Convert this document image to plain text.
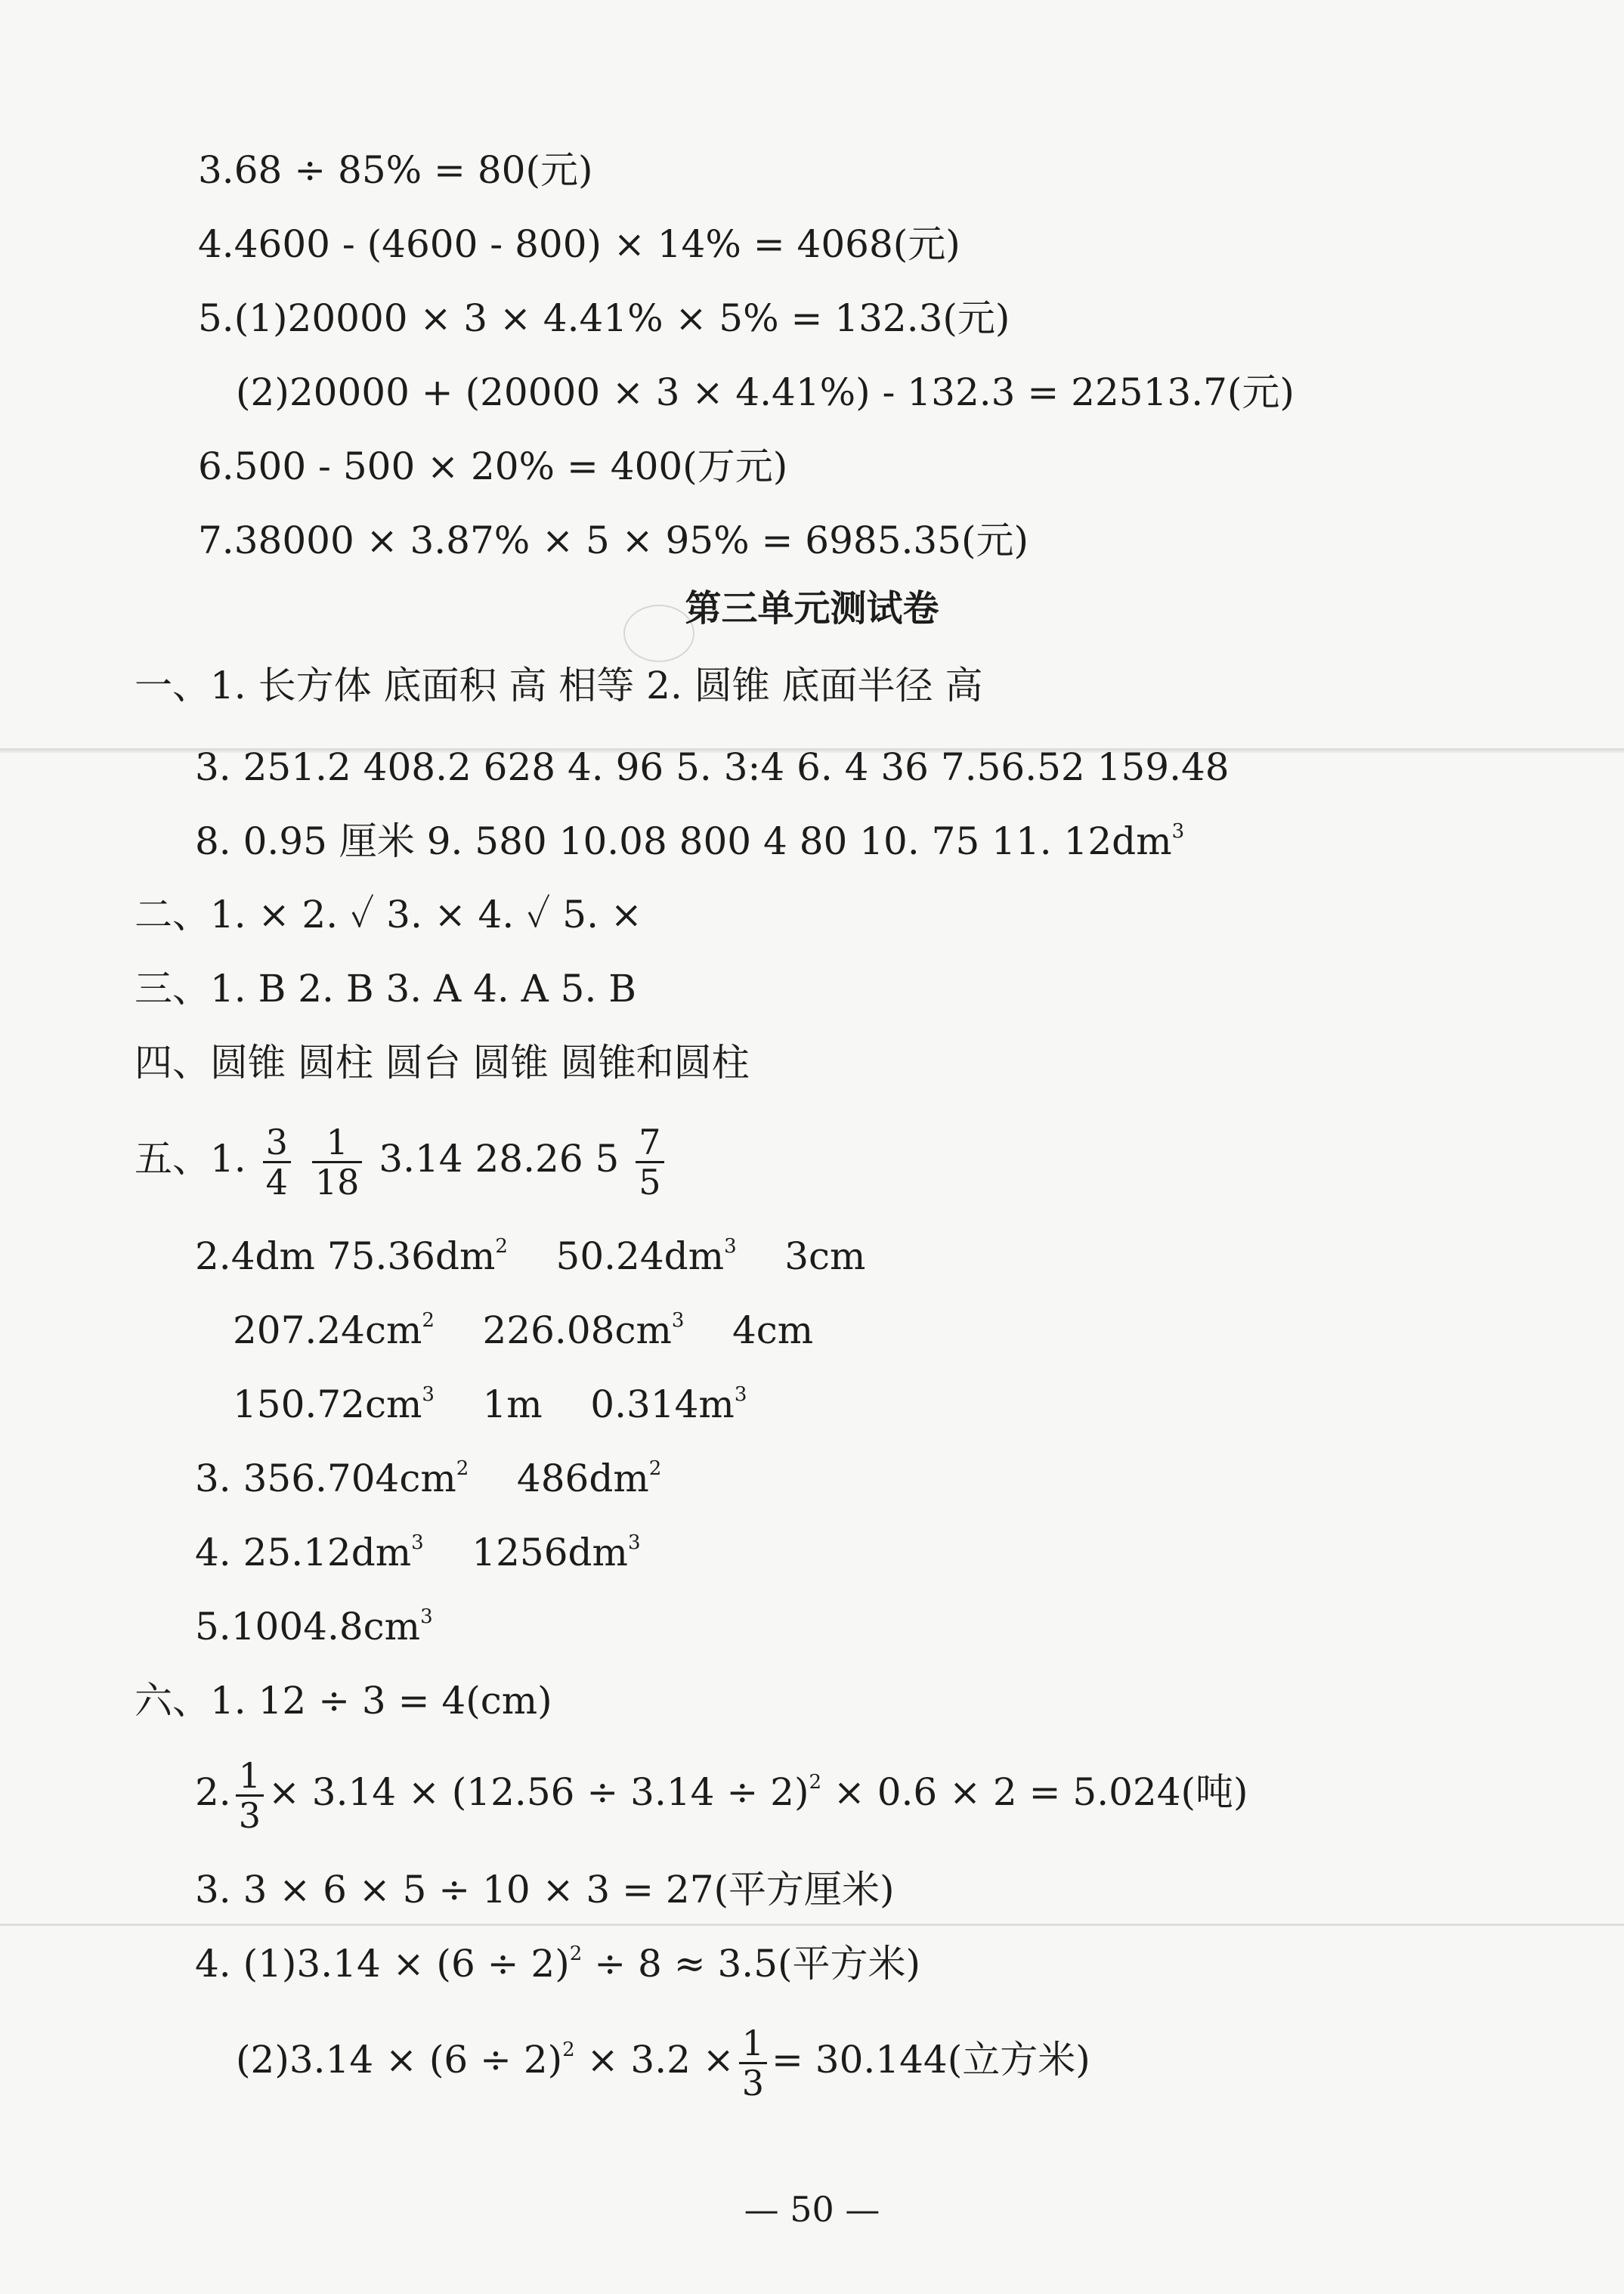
3.68 ÷ 85% = 80(元)
4.4600 - (4600 - 800) × 14% = 4068(元)
5.(1)20000 × 3 × 4.41% × 5% = 132.3(元)
(2)20000 + (20000 × 3 × 4.41%) - 132.3 = 22513.7(元)
6.500 - 500 × 20% = 400(万元)
7.38000 × 3.87% × 5 × 95% = 6985.35(元)
第三单元测试卷
一、1. 长方体 底面积 高 相等 2. 圆锥 底面半径 高
3. 251.2 408.2 628 4. 96 5. 3:4 6. 4 36 7.56.52 159.48
8. 0.95 厘米 9. 580 10.08 800 4 80 10. 75 11. $12dm^3$
二、1. × 2. ✓ 3. × 4. ✓ 5. ×
三、1. B 2. B 3. A 4. A 5. B
四、圆锥 圆柱 圆台 圆锥 圆锥和圆柱
五、1. $\frac{3}{4}$
$\frac{1}{18} 3.14$ 28.26 $5 \frac{7}{5}$
2.4dm $75.36dm^2$    $50.24dm^3$    3cm
$207.24cm^2$    $226.08cm^3$    4cm
$150.72cm^3$    1m    $0.314m^3$
3. $356.704cm^2$    $486dm^2$
4. $25.12dm^3$    $1256dm^3$
$5.1004.8cm^3$
六、1. 12 ÷ 3 = 4(cm)
2. $\frac{1}{3} \times 3.14 \times (12.56 \div 3.14 \div 2)^2 \times 0.6 \times 2 = 5.024$(吨)
3. 3 × 6 × 5 ÷ 10 × 3 = 27(平方厘米)
4. $(1)3.14 \times (6 \div 2)^2 \div 8 \approx 3.5$(平方米)
$(2)3.14 \times (6 \div 2)^2 \times 3.2 \times \frac{1}{3} = 30.144$(立方米)
— 50 —
